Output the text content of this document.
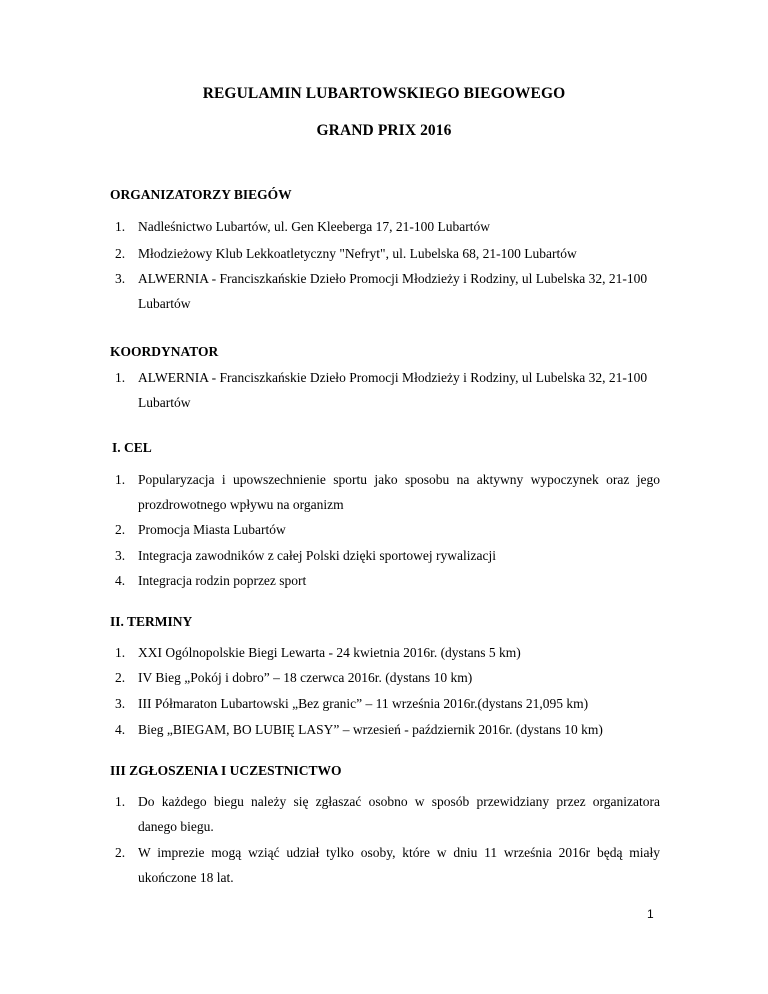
REGULAMIN LUBARTOWSKIEGO BIEGOWEGO
GRAND PRIX 2016
ORGANIZATORZY BIEGÓW
1. Nadleśnictwo Lubartów, ul. Gen Kleeberga 17, 21-100 Lubartów
2. Młodzieżowy Klub Lekkoatletyczny "Nefryt", ul. Lubelska 68, 21-100 Lubartów
3. ALWERNIA - Franciszkańskie Dzieło Promocji Młodzieży i Rodziny, ul Lubelska 32, 21-100 Lubartów
KOORDYNATOR
1. ALWERNIA - Franciszkańskie Dzieło Promocji Młodzieży i Rodziny, ul Lubelska 32, 21-100 Lubartów
I. CEL
1. Popularyzacja i upowszechnienie sportu jako sposobu na aktywny wypoczynek oraz jego prozdrowotnego wpływu na organizm
2. Promocja Miasta Lubartów
3. Integracja zawodników z całej Polski dzięki sportowej rywalizacji
4. Integracja rodzin poprzez sport
II. TERMINY
1. XXI Ogólnopolskie Biegi Lewarta - 24 kwietnia 2016r. (dystans 5 km)
2. IV Bieg „Pokój i dobro” – 18 czerwca 2016r. (dystans 10 km)
3. III Półmaraton Lubartowski „Bez granic” – 11 września 2016r.(dystans 21,095 km)
4. Bieg „BIEGAM, BO LUBIĘ LASY” – wrzesień - październik 2016r. (dystans 10 km)
III ZGŁOSZENIA I UCZESTNICTWO
1. Do każdego biegu należy się zgłaszać osobno w sposób przewidziany przez organizatora danego biegu.
2. W imprezie mogą wziąć udział tylko osoby, które w dniu 11 września 2016r będą miały ukończone 18 lat.
1
